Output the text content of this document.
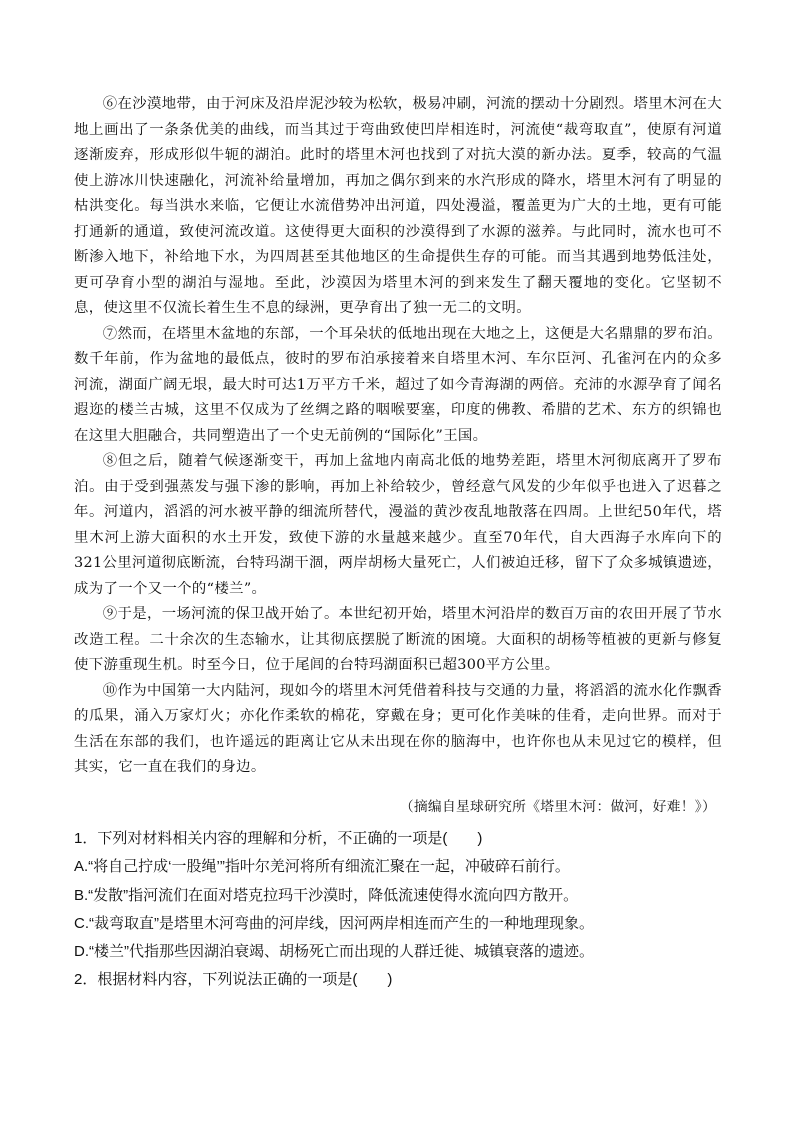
⑥在沙漠地带，由于河床及沿岸泥沙较为松软，极易冲刷，河流的摆动十分剧烈。塔里木河在大地上画出了一条条优美的曲线，而当其过于弯曲致使凹岸相连时，河流使“裁弯取直”，使原有河道逐渐废弃，形成形似牛轭的湖泊。此时的塔里木河也找到了对抗大漠的新办法。夏季，较高的气温使上游冰川快速融化，河流补给量增加，再加之偶尔到来的水汽形成的降水，塔里木河有了明显的枯洪变化。每当洪水来临，它便让水流借势冲出河道，四处漫溢，覆盖更为广大的土地，更有可能打通新的通道，致使河流改道。这使得更大面积的沙漠得到了水源的滋养。与此同时，流水也可不断渗入地下，补给地下水，为四周甚至其他地区的生命提供生存的可能。而当其遇到地势低洼处，更可孕育小型的湖泊与湿地。至此，沙漠因为塔里木河的到来发生了翻天覆地的变化。它坚韧不息，使这里不仅流长着生生不息的绿洲，更孕育出了独一无二的文明。

⑦然而，在塔里木盆地的东部，一个耳朵状的低地出现在大地之上，这便是大名鼎鼎的罗布泊。数千年前，作为盆地的最低点，彼时的罗布泊承接着来自塔里木河、车尔臣河、孔雀河在内的众多河流，湖面广阔无垠，最大时可达1万平方千米，超过了如今青海湖的两倍。充沛的水源孕育了闻名遐迩的楼兰古城，这里不仅成为了丝绸之路的咽喉要塞，印度的佛教、希腊的艺术、东方的织锦也在这里大胆融合，共同塑造出了一个史无前例的“国际化”王国。

⑧但之后，随着气候逐渐变干，再加上盆地内南高北低的地势差距，塔里木河彻底离开了罗布泊。由于受到强蒸发与强下渗的影响，再加上补给较少，曾经意气风发的少年似乎也进入了迟暮之年。河道内，滔滔的河水被平静的细流所替代，漫溢的黄沙夜乱地散落在四周。上世纪50年代，塔里木河上游大面积的水土开发，致使下游的水量越来越少。直至70年代，自大西海子水库向下的321公里河道彻底断流，台特玛湖干涸，两岸胡杨大量死亡，人们被迫迁移，留下了众多城镇遗迹，成为了一个又一个的“楼兰”。

⑨于是，一场河流的保卫战开始了。本世纪初开始，塔里木河沿岸的数百万亩的农田开展了节水改造工程。二十余次的生态输水，让其彻底摆脱了断流的困境。大面积的胡杨等植被的更新与修复使下游重现生机。时至今日，位于尾闾的台特玛湖面积已超300平方公里。

⑩作为中国第一大内陆河，现如今的塔里木河凭借着科技与交通的力量，将滔滔的流水化作飘香的瓜果，涌入万家灯火；亦化作柔软的棉花，穿戴在身；更可化作美味的佳肴，走向世界。而对于生活在东部的我们，也许遥远的距离让它从未出现在你的脑海中，也许你也从未见过它的模样，但其实，它一直在我们的身边。

（摘编自星球研究所《塔里木河：做河，好难！》）
1．下列对材料相关内容的理解和分析，不正确的一项是(　　)
A.“将自己拧成‘一股绳’”指叶尔羌河将所有细流汇聚在一起，冲破碎石前行。
B.“发散”指河流们在面对塔克拉玛干沙漠时，降低流速使得水流向四方散开。
C.“裁弯取直”是塔里木河弯曲的河岸线，因河两岸相连而产生的一种地理现象。
D.“楼兰”代指那些因湖泊衰竭、胡杨死亡而出现的人群迁徙、城镇衰落的遗迹。
2．根据材料内容，下列说法正确的一项是(　　)
